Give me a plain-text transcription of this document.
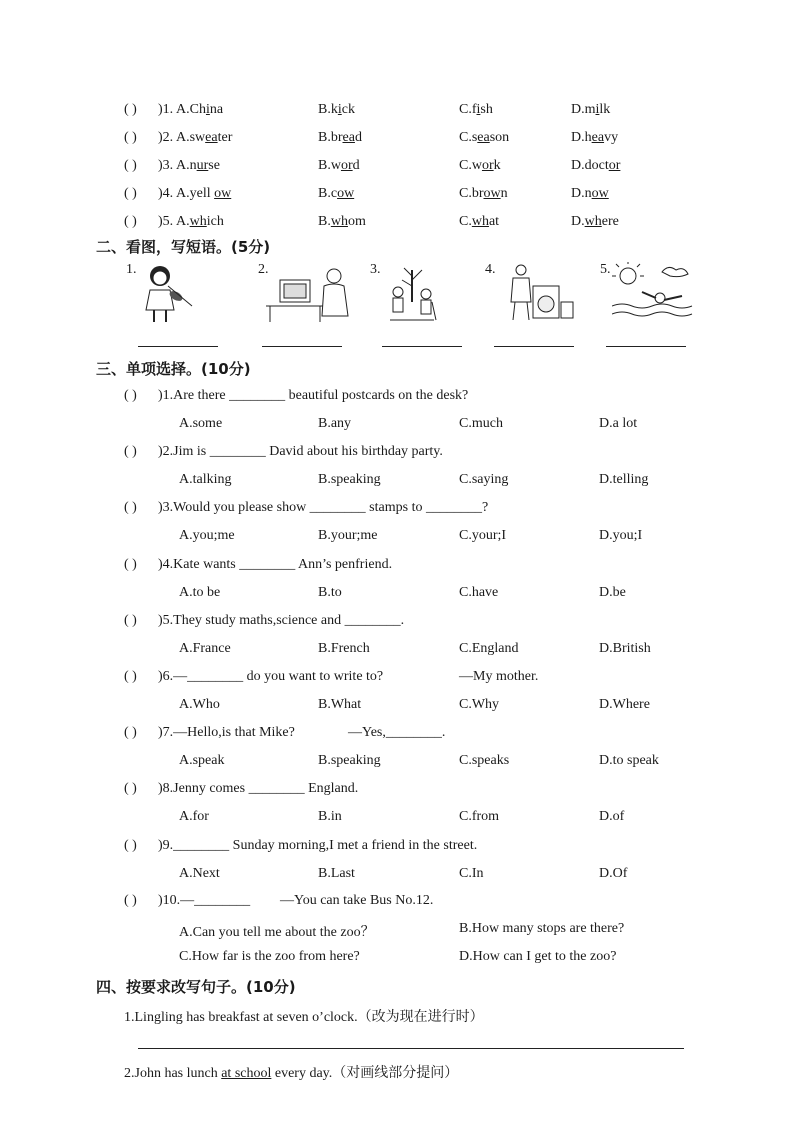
( ) )1. A.China	B.kick	C.fish	D.milk
( ) )2. A.sweater	B.bread	C.season	D.heavy
( ) )3. A.nurse	B.word	C.work	D.doctor
( ) )4. A.yell ow	B.cow	C.brown	D.now
( ) )5. A.which	B.whom	C.what	D.where
二、看图，写短语。(5分)
1.	2.	3.	4.	5.
三、单项选择。(10分)
( ) )1.Are there ________ beautiful postcards on the desk?
A.some	B.any	C.much	D.a lot
( ) )2.Jim is ________ David about his birthday party.
A.talking	B.speaking	C.saying	D.telling
( ) )3.Would you please show ________ stamps to ________?
A.you;me	B.your;me	C.your;I	D.you;I
( ) )4.Kate wants ________ Ann’s penfriend.
A.to be	B.to	C.have	D.be
( ) )5.They study maths,science and ________.
A.France	B.French	C.England	D.British
( ) )6.—________ do you want to write to?	—My mother.
A.Who	B.What	C.Why	D.Where
( ) )7.—Hello,is that Mike?	—Yes,________.
A.speak	B.speaking	C.speaks	D.to speak
( ) )8.Jenny comes ________ England.
A.for	B.in	C.from	D.of
( ) )9.________ Sunday morning,I met a friend in the street.
A.Next	B.Last	C.In	D.Of
( ) )10.—________ —You can take Bus No.12.
A.Can you tell me about the zoo？	B.How many stops are there?
C.How far is the zoo from here?	D.How can I get to the zoo?
四、按要求改写句子。(10分)
1.Lingling has breakfast at seven o’clock.（改为现在进行时）
2.John has lunch at school every day.（对画线部分提问）
